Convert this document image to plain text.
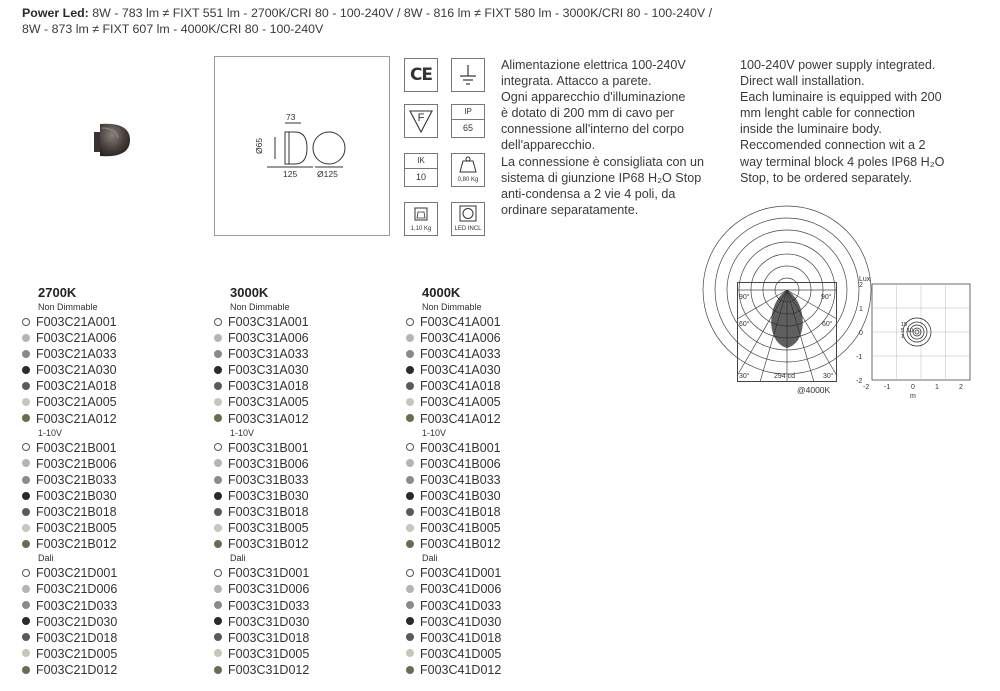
Power Led: 8W - 783 lm ≠ FIXT 551 lm - 2700K/CRI 80 - 100-240V / 8W - 816 lm ≠ FIXT 580 lm - 3000K/CRI 80 - 100-240V /
8W - 873 lm ≠ FIXT 607 lm - 4000K/CRI 80 - 100-240V
73
Ø65
125 Ø125
CE
F
IP
65
IK
10	0,80 Kg
1,10 Kg	LED INCL
Alimentazione elettrica 100-240V
integrata. Attacco a parete.
Ogni apparecchio d'illuminazione
è dotato di 200 mm di cavo per
connessione all'interno del corpo
dell'apparecchio.
La connessione è consigliata con un
sistema di giunzione IP68 H₂O Stop
anti-condensa a 2 vie 4 poli, da
ordinare separatamente.
100-240V power supply integrated.
Direct wall installation.
Each luminaire is equipped with 200
mm lenght cable for connection
inside the luminaire body.
Reccomended connection wit a 2
way terminal block 4 poles IP68 H₂O
Stop, to be ordered separately.
2700K
Non Dimmable
F003C21A001
F003C21A006
F003C21A033
F003C21A030
F003C21A018
F003C21A005
F003C21A012
1-10V
F003C21B001
F003C21B006
F003C21B033
F003C21B030
F003C21B018
F003C21B005
F003C21B012
Dali
F003C21D001
F003C21D006
F003C21D033
F003C21D030
F003C21D018
F003C21D005
F003C21D012
3000K
Non Dimmable
F003C31A001
F003C31A006
F003C31A033
F003C31A030
F003C31A018
F003C31A005
F003C31A012
1-10V
F003C31B001
F003C31B006
F003C31B033
F003C31B030
F003C31B018
F003C31B005
F003C31B012
Dali
F003C31D001
F003C31D006
F003C31D033
F003C31D030
F003C31D018
F003C31D005
F003C31D012
4000K
Non Dimmable
F003C41A001
F003C41A006
F003C41A033
F003C41A030
F003C41A018
F003C41A005
F003C41A012
1-10V
F003C41B001
F003C41B006
F003C41B033
F003C41B030
F003C41B018
F003C41B005
F003C41B012
Dali
F003C41D001
F003C41D006
F003C41D033
F003C41D030
F003C41D018
F003C41D005
F003C41D012
90°	90°
60°	60°
30°	30°
294 cd
@4000K
Lux
2
1
0
-1
-2
-2 -1	0	1	2
m
15
5 10
1
